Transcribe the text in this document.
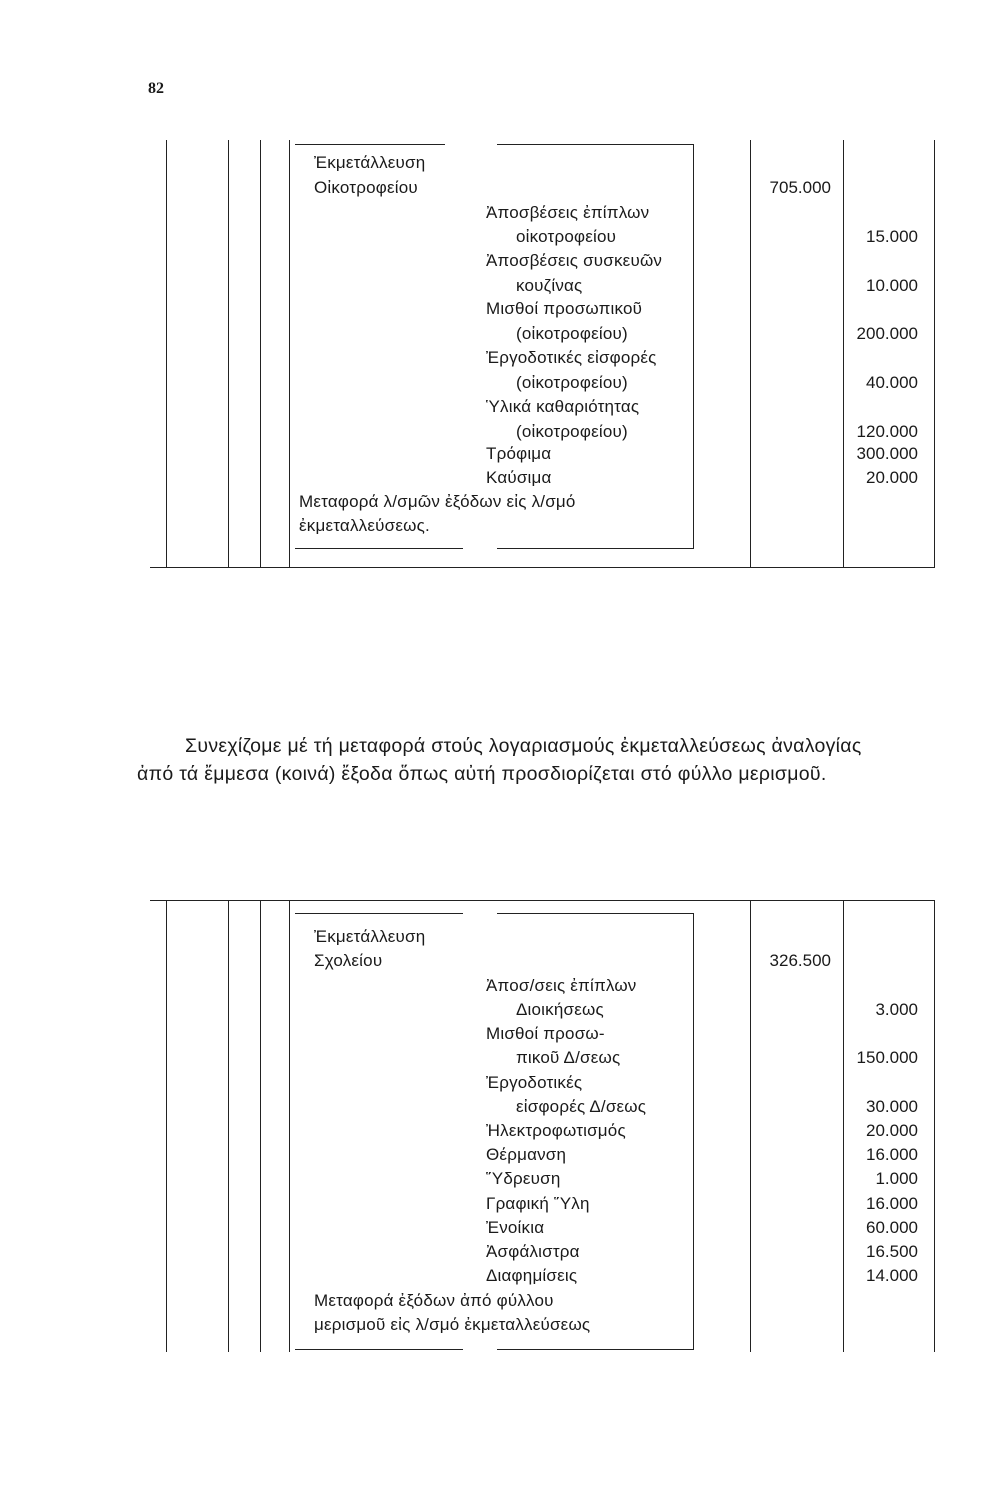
82
Ἐκμετάλλευση
Οἰκοτροφείου	705.000
Ἀποσβέσεις ἐπίπλων
οἰκοτροφείου	15.000
Ἀποσβέσεις συσκευῶν
κουζίνας	10.000
Μισθοί προσωπικοῦ
(οἰκοτροφείου)	200.000
Ἐργοδοτικές εἰσφορές
(οἰκοτροφείου)	40.000
Ὑλικά καθαριότητας
(οἰκοτροφείου)	120.000
Τρόφιμα	300.000
Καύσιμα	20.000
Μεταφορά λ/σμῶν ἐξόδων εἰς λ/σμό
ἐκμεταλλεύσεως.

Συνεχίζομε μέ τή μεταφορά στούς λογαριασμούς ἐκμεταλλεύσεως ἀναλογίας

ἀπό τά ἔμμεσα (κοινά) ἔξοδα ὅπως αὐτή προσδιορίζεται στό φύλλο μερισμοῦ.

Ἐκμετάλλευση
Σχολείου	326.500
Ἀποσ/σεις ἐπίπλων
Διοικήσεως	3.000
Μισθοί προσω-
πικοῦ Δ/σεως	150.000
Ἐργοδοτικές
εἰσφορές Δ/σεως	30.000
Ἠλεκτροφωτισμός	20.000
Θέρμανση	16.000
Ὕδρευση	1.000
Γραφική Ὕλη	16.000
Ἐνοίκια	60.000
Ἀσφάλιστρα	16.500
Διαφημίσεις	14.000
Μεταφορά ἐξόδων ἀπό φύλλου
μερισμοῦ εἰς λ/σμό ἐκμεταλλεύσεως
